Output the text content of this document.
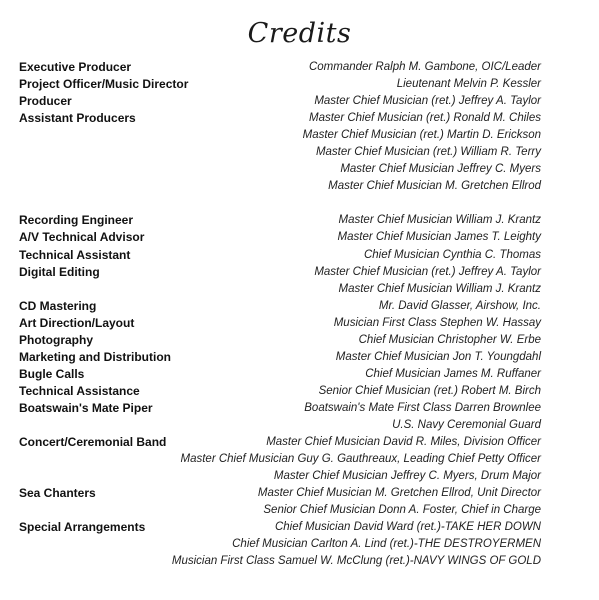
Credits
Executive Producer	Commander Ralph M. Gambone, OIC/Leader
Project Officer/Music Director	Lieutenant Melvin P. Kessler
Producer	Master Chief Musician (ret.) Jeffrey A. Taylor
Assistant Producers	Master Chief Musician (ret.) Ronald M. Chiles
Master Chief Musician (ret.) Martin D. Erickson
Master Chief Musician (ret.) William R. Terry
Master Chief Musician Jeffrey C. Myers
Master Chief Musician M. Gretchen Ellrod
Recording Engineer	Master Chief Musician William J. Krantz
A/V Technical Advisor	Master Chief Musician James T. Leighty
Technical Assistant	Chief Musician Cynthia C. Thomas
Digital Editing	Master Chief Musician (ret.) Jeffrey A. Taylor
Master Chief Musician William J. Krantz
CD Mastering	Mr. David Glasser, Airshow, Inc.
Art Direction/Layout	Musician First Class Stephen W. Hassay
Photography	Chief Musician Christopher W. Erbe
Marketing and Distribution	Master Chief Musician Jon T. Youngdahl
Bugle Calls	Chief Musician James M. Ruffaner
Technical Assistance	Senior Chief Musician (ret.) Robert M. Birch
Boatswain's Mate Piper	Boatswain's Mate First Class Darren Brownlee
U.S. Navy Ceremonial Guard
Concert/Ceremonial Band	Master Chief Musician David R. Miles, Division Officer
Master Chief Musician Guy G. Gauthreaux, Leading Chief Petty Officer
Master Chief Musician Jeffrey C. Myers, Drum Major
Sea Chanters	Master Chief Musician M. Gretchen Ellrod, Unit Director
Senior Chief Musician Donn A. Foster, Chief in Charge
Special Arrangements	Chief Musician David Ward (ret.)-TAKE HER DOWN
Chief Musician Carlton A. Lind (ret.)-THE DESTROYERMEN
Musician First Class Samuel W. McClung (ret.)-NAVY WINGS OF GOLD
